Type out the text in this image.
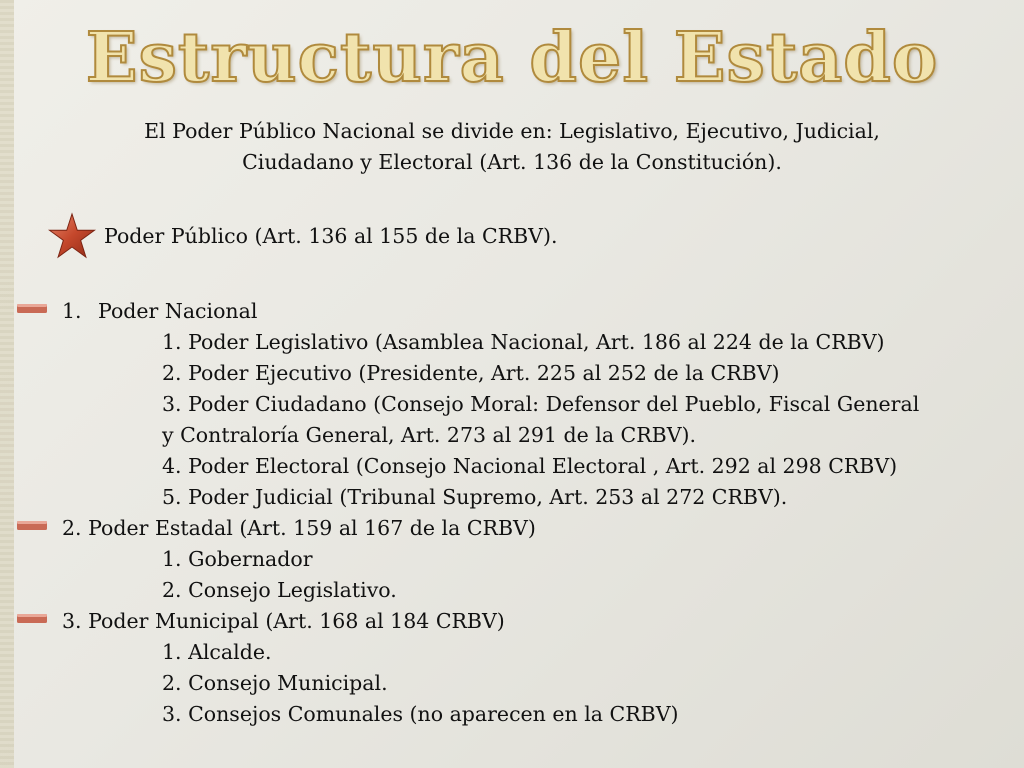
Estructura del Estado
El Poder Público Nacional se divide en: Legislativo, Ejecutivo, Judicial,
Ciudadano y Electoral (Art. 136 de la Constitución).
Poder Público (Art. 136 al 155 de la CRBV).
1. Poder Nacional
1. Poder Legislativo (Asamblea Nacional, Art. 186 al 224 de la CRBV)
2. Poder Ejecutivo (Presidente, Art. 225 al 252 de la CRBV)
3. Poder Ciudadano (Consejo Moral: Defensor del Pueblo, Fiscal General
y Contraloría General, Art. 273 al 291 de la CRBV).
4. Poder Electoral (Consejo Nacional Electoral , Art. 292 al 298 CRBV)
5. Poder Judicial (Tribunal Supremo, Art. 253 al 272 CRBV).
2. Poder Estadal (Art. 159 al 167 de la CRBV)
1. Gobernador
2. Consejo Legislativo.
3. Poder Municipal (Art. 168 al 184 CRBV)
1. Alcalde.
2. Consejo Municipal.
3. Consejos Comunales (no aparecen en la CRBV)
